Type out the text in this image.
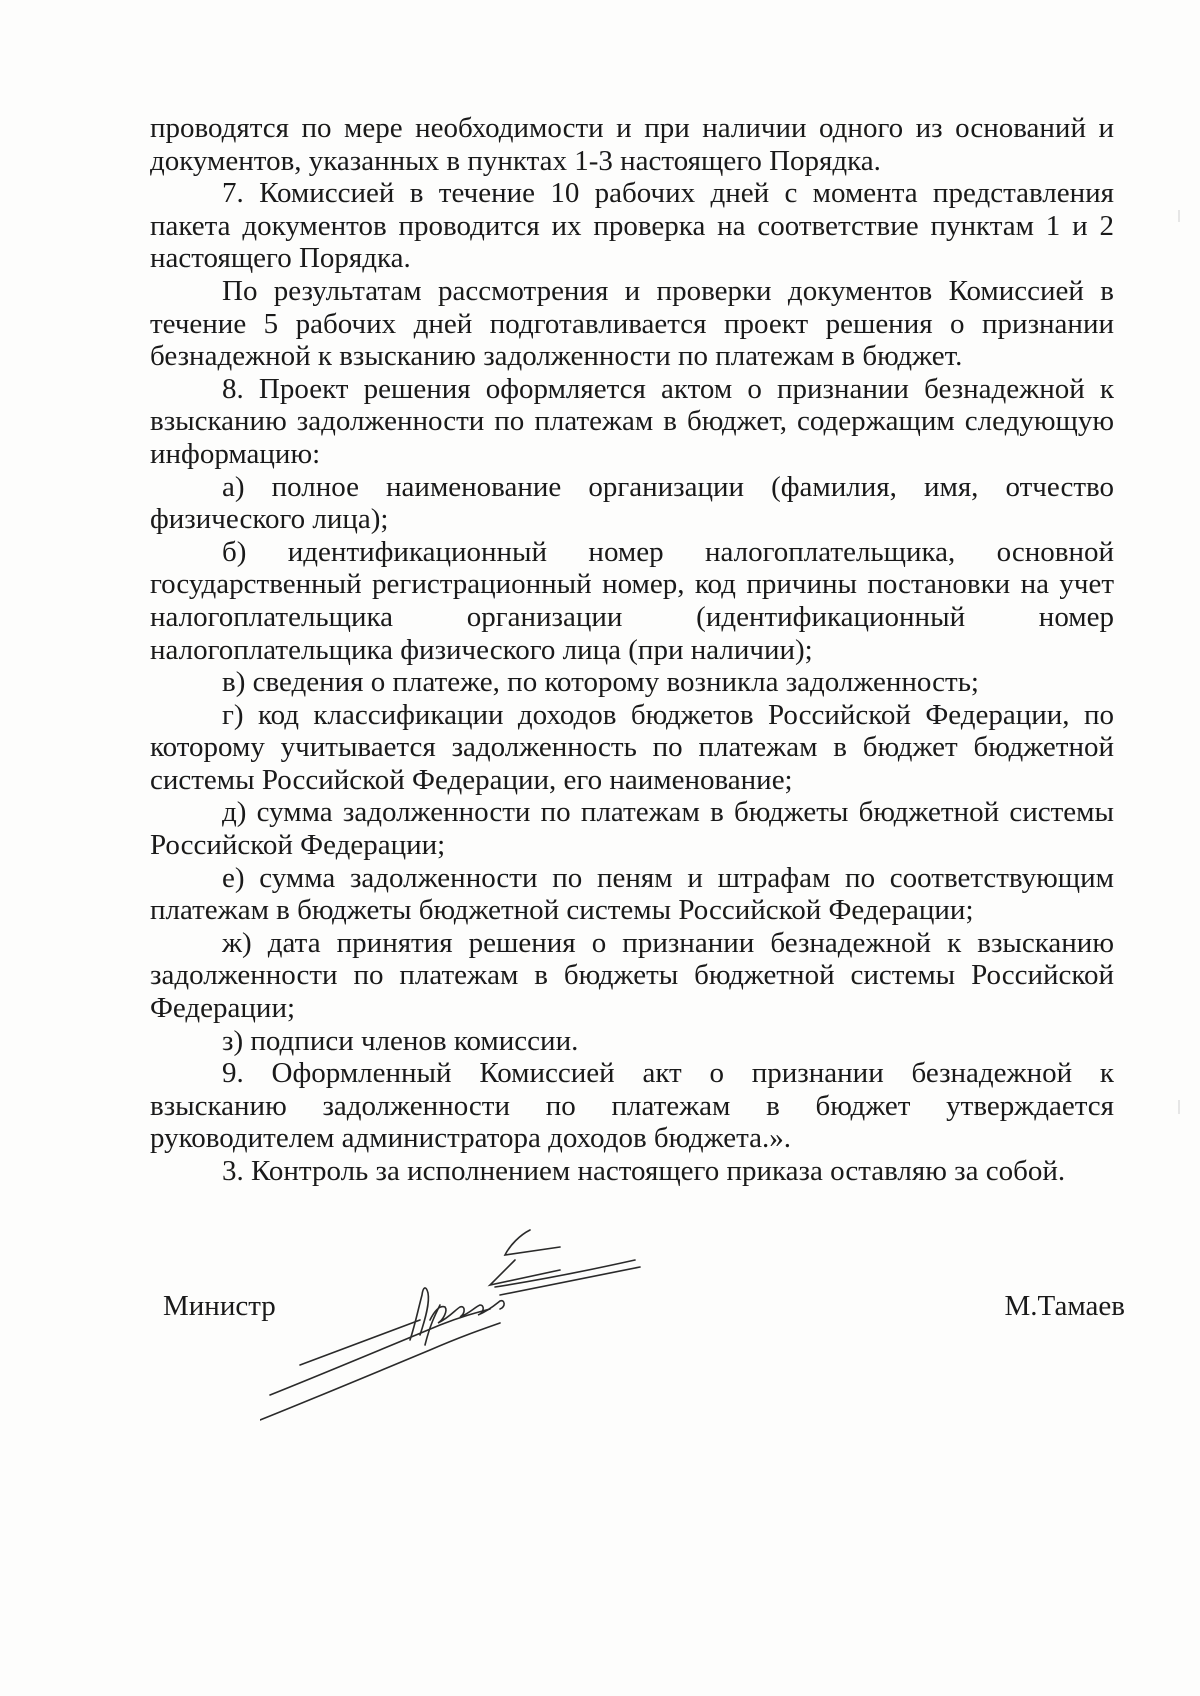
проводятся по мере необходимости и при наличии одного из оснований и документов, указанных в пунктах 1-3 настоящего Порядка.

7. Комиссией в течение 10 рабочих дней с момента представления пакета документов проводится их проверка на соответствие пунктам 1 и 2 настоящего Порядка.

По результатам рассмотрения и проверки документов Комиссией в течение 5 рабочих дней подготавливается проект решения о признании безнадежной к взысканию задолженности по платежам в бюджет.

8. Проект решения оформляется актом о признании безнадежной к взысканию задолженности по платежам в бюджет, содержащим следующую информацию:

а) полное наименование организации (фамилия, имя, отчество физического лица);

б) идентификационный номер налогоплательщика, основной государственный регистрационный номер, код причины постановки на учет налогоплательщика организации (идентификационный номер налогоплательщика физического лица (при наличии);

в) сведения о платеже, по которому возникла задолженность;

г) код классификации доходов бюджетов Российской Федерации, по которому учитывается задолженность по платежам в бюджет бюджетной системы Российской Федерации, его наименование;

д) сумма задолженности по платежам в бюджеты бюджетной системы Российской Федерации;

е) сумма задолженности по пеням и штрафам по соответствующим платежам в бюджеты бюджетной системы Российской Федерации;

ж) дата принятия решения о признании безнадежной к взысканию задолженности по платежам в бюджеты бюджетной системы Российской Федерации;

з) подписи членов комиссии.

9. Оформленный Комиссией акт о признании безнадежной к взысканию задолженности по платежам в бюджет утверждается руководителем администратора доходов бюджета.».

3. Контроль за исполнением настоящего приказа оставляю за собой.

Министр	М.Тамаев
